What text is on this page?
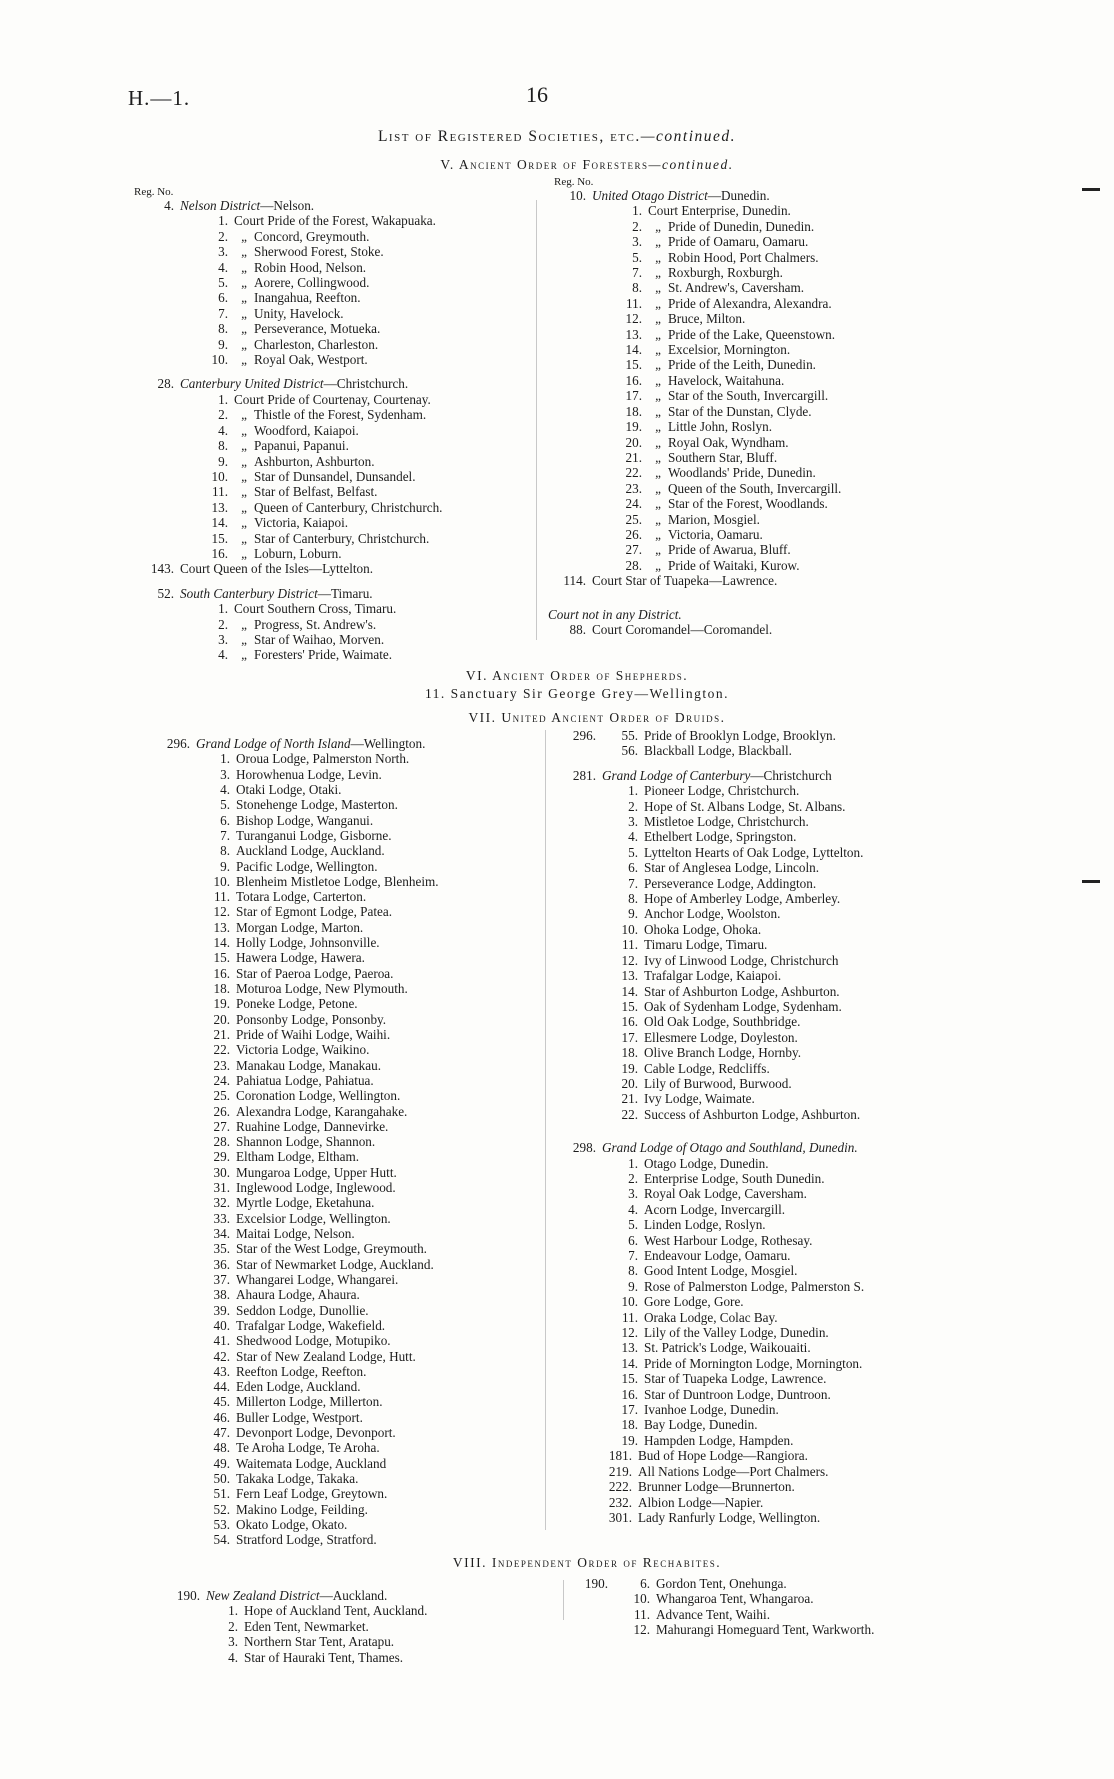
H.—1.	16
List of Registered Societies, etc.—continued.
V. Ancient Order of Foresters—continued.
Reg. No.
Reg. No.
4. Nelson District —Nelson.
1. Court Pride of the Forest, Wakapuaka.
2. „ Concord, Greymouth.
3. „ Sherwood Forest, Stoke.
4. „ Robin Hood, Nelson.
5. „ Aorere, Collingwood.
6. „ Inangahua, Reefton.
7. „ Unity, Havelock.
8. „ Perseverance, Motueka.
9. „ Charleston, Charleston.
10. „ Royal Oak, Westport.
28. Canterbury United District —Christchurch.
1. Court Pride of Courtenay, Courtenay.
2. „ Thistle of the Forest, Sydenham.
4. „ Woodford, Kaiapoi.
8. „ Papanui, Papanui.
9. „ Ashburton, Ashburton.
10. „ Star of Dunsandel, Dunsandel.
11. „ Star of Belfast, Belfast.
13. „ Queen of Canterbury, Christchurch.
14. „ Victoria, Kaiapoi.
15. „ Star of Canterbury, Christchurch.
16. „ Loburn, Loburn.
143. Court Queen of the Isles—Lyttelton.
52. South Canterbury District —Timaru.
1. Court Southern Cross, Timaru.
2. „ Progress, St. Andrew's.
3. „ Star of Waihao, Morven.
4. „ Foresters' Pride, Waimate.
10. United Otago District —Dunedin.
1. Court Enterprise, Dunedin.
2. „ Pride of Dunedin, Dunedin.
3. „ Pride of Oamaru, Oamaru.
5. „ Robin Hood, Port Chalmers.
7. „ Roxburgh, Roxburgh.
8. „ St. Andrew's, Caversham.
11. „ Pride of Alexandra, Alexandra.
12. „ Bruce, Milton.
13. „ Pride of the Lake, Queenstown.
14. „ Excelsior, Mornington.
15. „ Pride of the Leith, Dunedin.
16. „ Havelock, Waitahuna.
17. „ Star of the South, Invercargill.
18. „ Star of the Dunstan, Clyde.
19. „ Little John, Roslyn.
20. „ Royal Oak, Wyndham.
21. „ Southern Star, Bluff.
22. „ Woodlands' Pride, Dunedin.
23. „ Queen of the South, Invercargill.
24. „ Star of the Forest, Woodlands.
25. „ Marion, Mosgiel.
26. „ Victoria, Oamaru.
27. „ Pride of Awarua, Bluff.
28. „ Pride of Waitaki, Kurow.
114. Court Star of Tuapeka—Lawrence.
Court not in any District.
88. Court Coromandel—Coromandel.
VI. Ancient Order of Shepherds.
11. Sanctuary Sir George Grey—Wellington.
VII. United Ancient Order of Druids.
296. Grand Lodge of North Island —Wellington.
1. Oroua Lodge, Palmerston North.
3. Horowhenua Lodge, Levin.
4. Otaki Lodge, Otaki.
5. Stonehenge Lodge, Masterton.
6. Bishop Lodge, Wanganui.
7. Turanganui Lodge, Gisborne.
8. Auckland Lodge, Auckland.
9. Pacific Lodge, Wellington.
10. Blenheim Mistletoe Lodge, Blenheim.
11. Totara Lodge, Carterton.
12. Star of Egmont Lodge, Patea.
13. Morgan Lodge, Marton.
14. Holly Lodge, Johnsonville.
15. Hawera Lodge, Hawera.
16. Star of Paeroa Lodge, Paeroa.
18. Moturoa Lodge, New Plymouth.
19. Poneke Lodge, Petone.
20. Ponsonby Lodge, Ponsonby.
21. Pride of Waihi Lodge, Waihi.
22. Victoria Lodge, Waikino.
23. Manakau Lodge, Manakau.
24. Pahiatua Lodge, Pahiatua.
25. Coronation Lodge, Wellington.
26. Alexandra Lodge, Karangahake.
27. Ruahine Lodge, Dannevirke.
28. Shannon Lodge, Shannon.
29. Eltham Lodge, Eltham.
30. Mungaroa Lodge, Upper Hutt.
31. Inglewood Lodge, Inglewood.
32. Myrtle Lodge, Eketahuna.
33. Excelsior Lodge, Wellington.
34. Maitai Lodge, Nelson.
35. Star of the West Lodge, Greymouth.
36. Star of Newmarket Lodge, Auckland.
37. Whangarei Lodge, Whangarei.
38. Ahaura Lodge, Ahaura.
39. Seddon Lodge, Dunollie.
40. Trafalgar Lodge, Wakefield.
41. Shedwood Lodge, Motupiko.
42. Star of New Zealand Lodge, Hutt.
43. Reefton Lodge, Reefton.
44. Eden Lodge, Auckland.
45. Millerton Lodge, Millerton.
46. Buller Lodge, Westport.
47. Devonport Lodge, Devonport.
48. Te Aroha Lodge, Te Aroha.
49. Waitemata Lodge, Auckland
50. Takaka Lodge, Takaka.
51. Fern Leaf Lodge, Greytown.
52. Makino Lodge, Feilding.
53. Okato Lodge, Okato.
54. Stratford Lodge, Stratford.
296.	55. Pride of Brooklyn Lodge, Brooklyn.
56. Blackball Lodge, Blackball.
281. Grand Lodge of Canterbury —Christchurch
1. Pioneer Lodge, Christchurch.
2. Hope of St. Albans Lodge, St. Albans.
3. Mistletoe Lodge, Christchurch.
4. Ethelbert Lodge, Springston.
5. Lyttelton Hearts of Oak Lodge, Lyttelton.
6. Star of Anglesea Lodge, Lincoln.
7. Perseverance Lodge, Addington.
8. Hope of Amberley Lodge, Amberley.
9. Anchor Lodge, Woolston.
10. Ohoka Lodge, Ohoka.
11. Timaru Lodge, Timaru.
12. Ivy of Linwood Lodge, Christchurch
13. Trafalgar Lodge, Kaiapoi.
14. Star of Ashburton Lodge, Ashburton.
15. Oak of Sydenham Lodge, Sydenham.
16. Old Oak Lodge, Southbridge.
17. Ellesmere Lodge, Doyleston.
18. Olive Branch Lodge, Hornby.
19. Cable Lodge, Redcliffs.
20. Lily of Burwood, Burwood.
21. Ivy Lodge, Waimate.
22. Success of Ashburton Lodge, Ashburton.
298. Grand Lodge of Otago and Southland, Dunedin.
1. Otago Lodge, Dunedin.
2. Enterprise Lodge, South Dunedin.
3. Royal Oak Lodge, Caversham.
4. Acorn Lodge, Invercargill.
5. Linden Lodge, Roslyn.
6. West Harbour Lodge, Rothesay.
7. Endeavour Lodge, Oamaru.
8. Good Intent Lodge, Mosgiel.
9. Rose of Palmerston Lodge, Palmerston S.
10. Gore Lodge, Gore.
11. Oraka Lodge, Colac Bay.
12. Lily of the Valley Lodge, Dunedin.
13. St. Patrick's Lodge, Waikouaiti.
14. Pride of Mornington Lodge, Mornington.
15. Star of Tuapeka Lodge, Lawrence.
16. Star of Duntroon Lodge, Duntroon.
17. Ivanhoe Lodge, Dunedin.
18. Bay Lodge, Dunedin.
19. Hampden Lodge, Hampden.
181. Bud of Hope Lodge—Rangiora.
219. All Nations Lodge—Port Chalmers.
222. Brunner Lodge—Brunnerton.
232. Albion Lodge—Napier.
301. Lady Ranfurly Lodge, Wellington.
VIII. Independent Order of Rechabites.
190. New Zealand District —Auckland.
1. Hope of Auckland Tent, Auckland.
2. Eden Tent, Newmarket.
3. Northern Star Tent, Aratapu.
4. Star of Hauraki Tent, Thames.
190.	6. Gordon Tent, Onehunga.
10. Whangaroa Tent, Whangaroa.
11. Advance Tent, Waihi.
12. Mahurangi Homeguard Tent, Warkworth.
